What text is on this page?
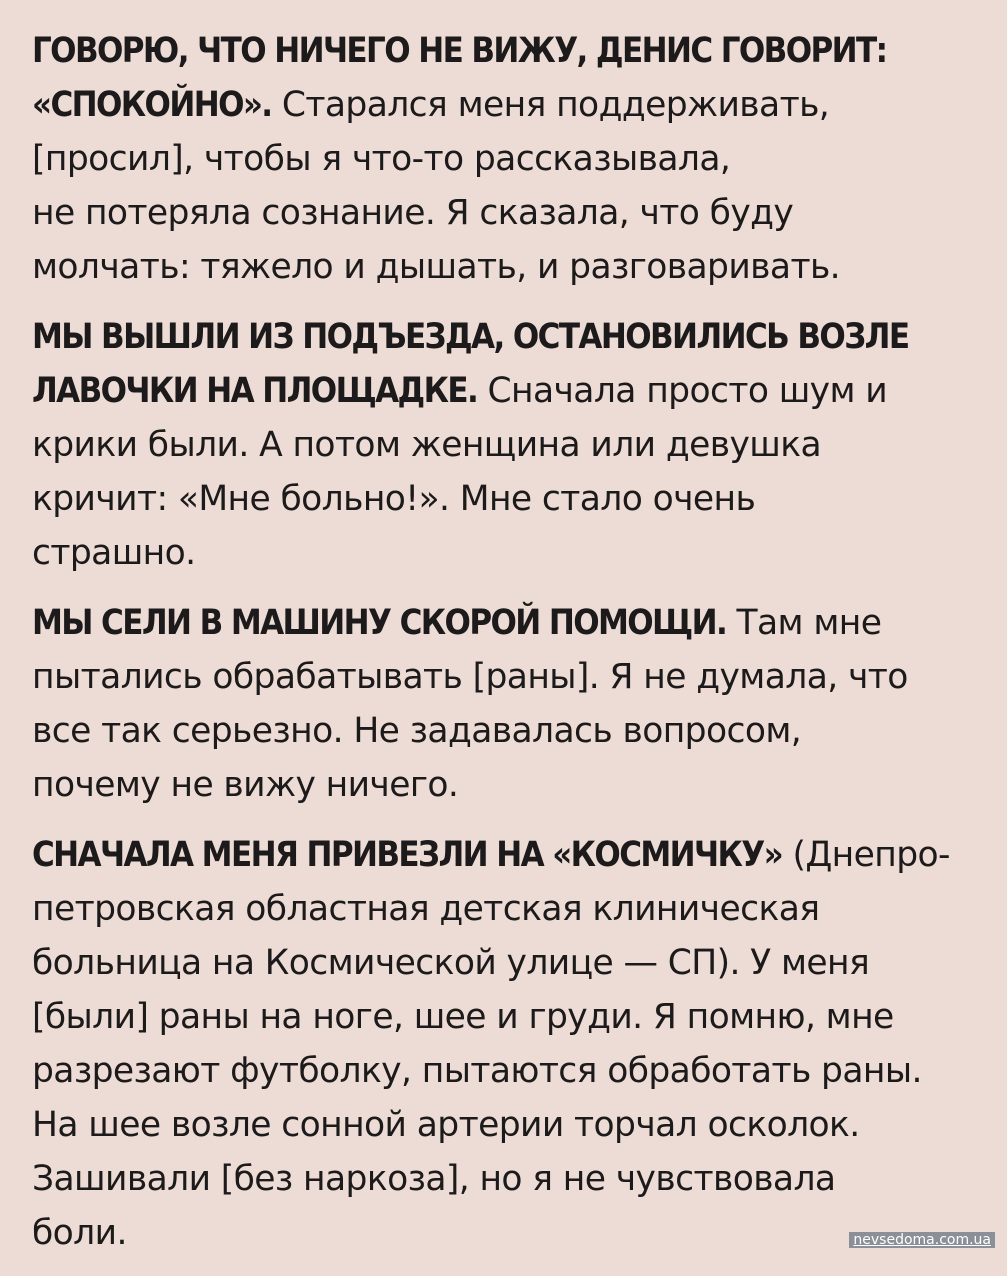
ГОВОРЮ, ЧТО НИЧЕГО НЕ ВИЖУ, ДЕНИС ГОВОРИТ:
«СПОКОЙНО». Старался меня поддерживать,
[просил], чтобы я что-то рассказывала,
не потеряла сознание. Я сказала, что буду
молчать: тяжело и дышать, и разговаривать.

МЫ ВЫШЛИ ИЗ ПОДЪЕЗДА, ОСТАНОВИЛИСЬ ВОЗЛЕ
ЛАВОЧКИ НА ПЛОЩАДКЕ. Сначала просто шум и
крики были. А потом женщина или девушка
кричит: «Мне больно!». Мне стало очень
страшно.

МЫ СЕЛИ В МАШИНУ СКОРОЙ ПОМОЩИ. Там мне
пытались обрабатывать [раны]. Я не думала, что
все так серьезно. Не задавалась вопросом,
почему не вижу ничего.

СНАЧАЛА МЕНЯ ПРИВЕЗЛИ НА «КОСМИЧКУ» (Днепро-
петровская областная детская клиническая
больница на Космической улице — СП). У меня
[были] раны на ноге, шее и груди. Я помню, мне
разрезают футболку, пытаются обработать раны.
На шее возле сонной артерии торчал осколок.
Зашивали [без наркоза], но я не чувствовала
боли.	nevsedoma.com.ua
